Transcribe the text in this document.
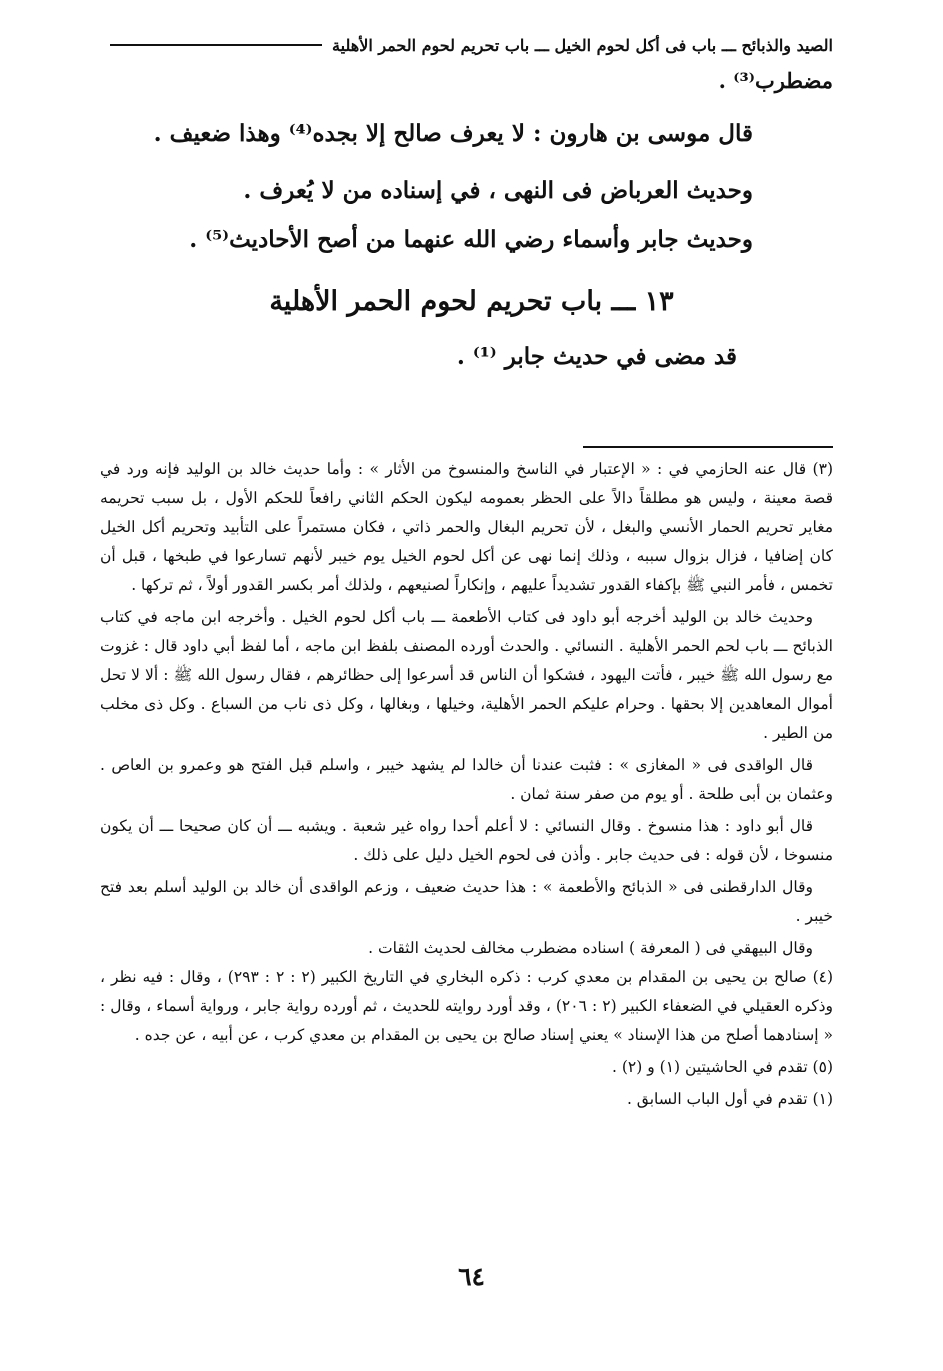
الصيد والذبائح ـــ باب فى أكل لحوم الخيل ـــ باب تحريم لحوم الحمر الأهلية
مضطرب⁽³⁾ .
قال موسى بن هارون : لا يعرف صالح إلا بجده⁽⁴⁾ وهذا ضعيف .
وحديث العرباض فى النهى ، في إسناده من لا يُعرف .
وحديث جابر وأسماء رضي الله عنهما من أصح الأحاديث⁽⁵⁾ .
١٣ ـــ باب تحريم لحوم الحمر الأهلية
قد مضى في حديث جابر ⁽¹⁾ .

(٣) قال عنه الحازمي في : « الإعتبار في الناسخ والمنسوخ من الأثار » : وأما حديث خالد بن الوليد فإنه ورد في قصة معينة ، وليس هو مطلقاً دالاً على الحظر بعمومه ليكون الحكم الثاني رافعاً للحكم الأول ، بل سبب تحريمه مغاير تحريم الحمار الأنسي والبغل ، لأن تحريم البغال والحمر ذاتي ، فكان مستمراً على التأبيد وتحريم أكل الخيل كان إضافيا ، فزال بزوال سببه ، وذلك إنما نهى عن أكل لحوم الخيل يوم خيبر لأنهم تسارعوا في طبخها ، قبل أن تخمس ، فأمر النبي ﷺ بإكفاء القدور تشديداً عليهم ، وإنكاراً لصنيعهم ، ولذلك أمر بكسر القدور أولاً ، ثم تركها .

وحديث خالد بن الوليد أخرجه أبو داود فى كتاب الأطعمة ـــ باب أكل لحوم الخيل . وأخرجه ابن ماجه في كتاب الذبائح ـــ باب لحم الحمر الأهلية . النسائي . والحدث أورده المصنف بلفظ ابن ماجه ، أما لفظ أبي داود قال : غزوت مع رسول الله ﷺ خيبر ، فأتت اليهود ، فشكوا أن الناس قد أسرعوا إلى حظائرهم ، فقال رسول الله ﷺ : ألا لا تحل أموال المعاهدين إلا بحقها . وحرام عليكم الحمر الأهلية، وخيلها ، وبغالها ، وكل ذى ناب من السباع . وكل ذى مخلب من الطير .

قال الواقدى فى « المغازى » : فثبت عندنا أن خالدا لم يشهد خيبر ، واسلم قبل الفتح هو وعمرو بن العاص . وعثمان بن أبى طلحة . أو يوم من صفر سنة ثمان .

قال أبو داود : هذا منسوخ . وقال النسائي : لا أعلم أحدا رواه غير شعبة . ويشبه ـــ أن كان صحيحا ـــ أن يكون منسوخا ، لأن قوله : فى حديث جابر . وأذن فى لحوم الخيل دليل على ذلك .

وقال الدارقطنى فى « الذبائح والأطعمة » : هذا حديث ضعيف ، وزعم الواقدى أن خالد بن الوليد أسلم بعد فتح خيبر .

وقال البيهقي فى ( المعرفة ) اسناده مضطرب مخالف لحديث الثقات .

(٤) صالح بن يحيى بن المقدام بن معدي كرب : ذكره البخاري في التاريخ الكبير (٢ : ٢ : ٢٩٣) ، وقال : فيه نظر ، وذكره العقيلي في الضعفاء الكبير (٢ : ٢٠٦) ، وقد أورد روايته للحديث ، ثم أورده رواية جابر ، ورواية أسماء ، وقال : « إسنادهما أصلح من هذا الإسناد » يعني إسناد صالح بن يحيى بن المقدام بن معدي كرب ، عن أبيه ، عن جده .

(٥) تقدم في الحاشيتين (١) و (٢) .

(١) تقدم في أول الباب السابق .

٦٤
